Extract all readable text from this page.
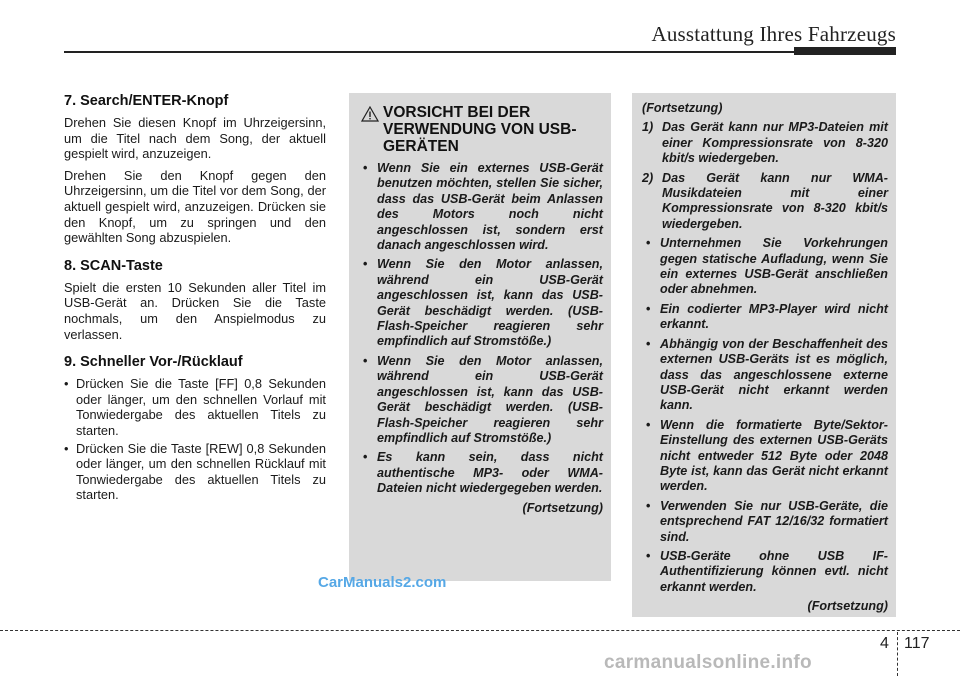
Ausstattung Ihres Fahrzeugs
7. Search/ENTER-Knopf

Drehen Sie diesen Knopf im Uhrzeigersinn, um die Titel nach dem Song, der aktuell gespielt wird, anzuzeigen.

Drehen Sie den Knopf gegen den Uhrzeigersinn, um die Titel vor dem Song, der aktuell gespielt wird, anzuzeigen. Drücken sie den Knopf, um zu springen und den gewählten Song abzuspielen.

8. SCAN-Taste

Spielt die ersten 10 Sekunden aller Titel im USB-Gerät an. Drücken Sie die Taste nochmals, um den Anspielmodus zu verlassen.

9. Schneller Vor-/Rücklauf
• Drücken Sie die Taste [FF] 0,8 Sekunden oder länger, um den schnellen Vorlauf mit Tonwiedergabe des aktuellen Titels zu starten.
• Drücken Sie die Taste [REW] 0,8 Sekunden oder länger, um den schnellen Rücklauf mit Tonwiedergabe des aktuellen Titels zu starten.
VORSICHT BEI DER VERWENDUNG VON USB-GERÄTEN
• Wenn Sie ein externes USB-Gerät benutzen möchten, stellen Sie sicher, dass das USB-Gerät beim Anlassen des Motors noch nicht angeschlossen ist, sondern erst danach angeschlossen wird.
• Wenn Sie den Motor anlassen, während ein USB-Gerät angeschlossen ist, kann das USB-Gerät beschädigt werden. (USB-Flash-Speicher reagieren sehr empfindlich auf Stromstöße.)
• Wenn Sie den Motor anlassen, während ein USB-Gerät angeschlossen ist, kann das USB-Gerät beschädigt werden. (USB-Flash-Speicher reagieren sehr empfindlich auf Stromstöße.)
• Es kann sein, dass nicht authentische MP3- oder WMA-Dateien nicht wiedergegeben werden.
(Fortsetzung)
(Fortsetzung)
1) Das Gerät kann nur MP3-Dateien mit einer Kompressionsrate von 8-320 kbit/s wiedergeben.
2) Das Gerät kann nur WMA-Musikdateien mit einer Kompressionsrate von 8-320 kbit/s wiedergeben.
• Unternehmen Sie Vorkehrungen gegen statische Aufladung, wenn Sie ein externes USB-Gerät anschließen oder abnehmen.
• Ein codierter MP3-Player wird nicht erkannt.
• Abhängig von der Beschaffenheit des externen USB-Geräts ist es möglich, dass das angeschlossene externe USB-Gerät nicht erkannt werden kann.
• Wenn die formatierte Byte/Sektor-Einstellung des externen USB-Geräts nicht entweder 512 Byte oder 2048 Byte ist, kann das Gerät nicht erkannt werden.
• Verwenden Sie nur USB-Geräte, die entsprechend FAT 12/16/32 formatiert sind.
• USB-Geräte ohne USB IF-Authentifizierung können evtl. nicht erkannt werden.
(Fortsetzung)
CarManuals2.com
4 117
carmanualsonline.info
